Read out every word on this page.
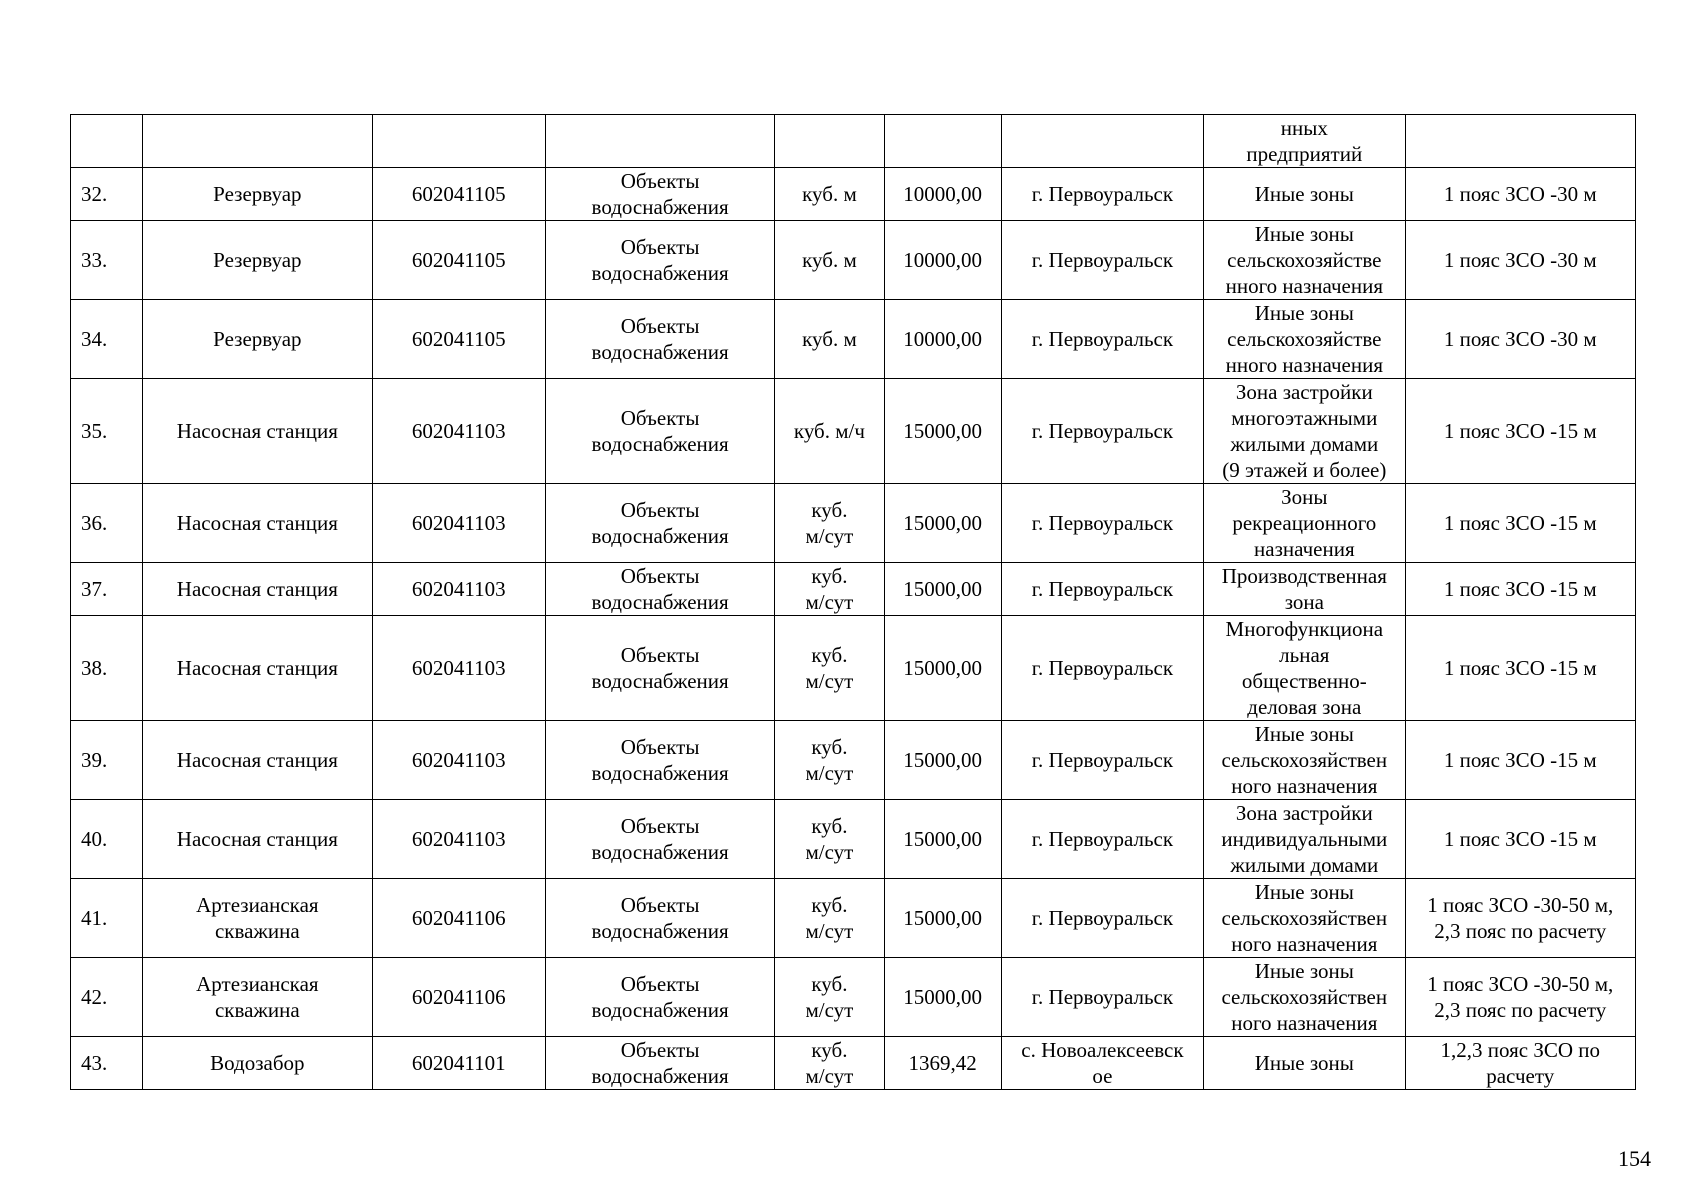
							нных
предприятий	
32.	Резервуар	602041105	Объекты
водоснабжения	куб. м	10000,00	г. Первоуральск	Иные зоны	1 пояс ЗСО -30 м
33.	Резервуар	602041105	Объекты
водоснабжения	куб. м	10000,00	г. Первоуральск	Иные зоны
сельскохозяйстве
нного назначения	1 пояс ЗСО -30 м
34.	Резервуар	602041105	Объекты
водоснабжения	куб. м	10000,00	г. Первоуральск	Иные зоны
сельскохозяйстве
нного назначения	1 пояс ЗСО -30 м
35.	Насосная станция	602041103	Объекты
водоснабжения	куб. м/ч	15000,00	г. Первоуральск	Зона застройки
многоэтажными
жилыми домами
(9 этажей и более)	1 пояс ЗСО -15 м
36.	Насосная станция	602041103	Объекты
водоснабжения	куб.
м/сут	15000,00	г. Первоуральск	Зоны
рекреационного
назначения	1 пояс ЗСО -15 м
37.	Насосная станция	602041103	Объекты
водоснабжения	куб.
м/сут	15000,00	г. Первоуральск	Производственная
зона	1 пояс ЗСО -15 м
38.	Насосная станция	602041103	Объекты
водоснабжения	куб.
м/сут	15000,00	г. Первоуральск	Многофункциона
льная
общественно-
деловая зона	1 пояс ЗСО -15 м
39.	Насосная станция	602041103	Объекты
водоснабжения	куб.
м/сут	15000,00	г. Первоуральск	Иные зоны
сельскохозяйствен
ного назначения	1 пояс ЗСО -15 м
40.	Насосная станция	602041103	Объекты
водоснабжения	куб.
м/сут	15000,00	г. Первоуральск	Зона застройки
индивидуальными
жилыми домами	1 пояс ЗСО -15 м
41.	Артезианская
скважина	602041106	Объекты
водоснабжения	куб.
м/сут	15000,00	г. Первоуральск	Иные зоны
сельскохозяйствен
ного назначения	1 пояс ЗСО -30-50 м,
2,3 пояс по расчету
42.	Артезианская
скважина	602041106	Объекты
водоснабжения	куб.
м/сут	15000,00	г. Первоуральск	Иные зоны
сельскохозяйствен
ного назначения	1 пояс ЗСО -30-50 м,
2,3 пояс по расчету
43.	Водозабор	602041101	Объекты
водоснабжения	куб.
м/сут	1369,42	с. Новоалексеевск
ое	Иные зоны	1,2,3 пояс ЗСО по
расчету
154
